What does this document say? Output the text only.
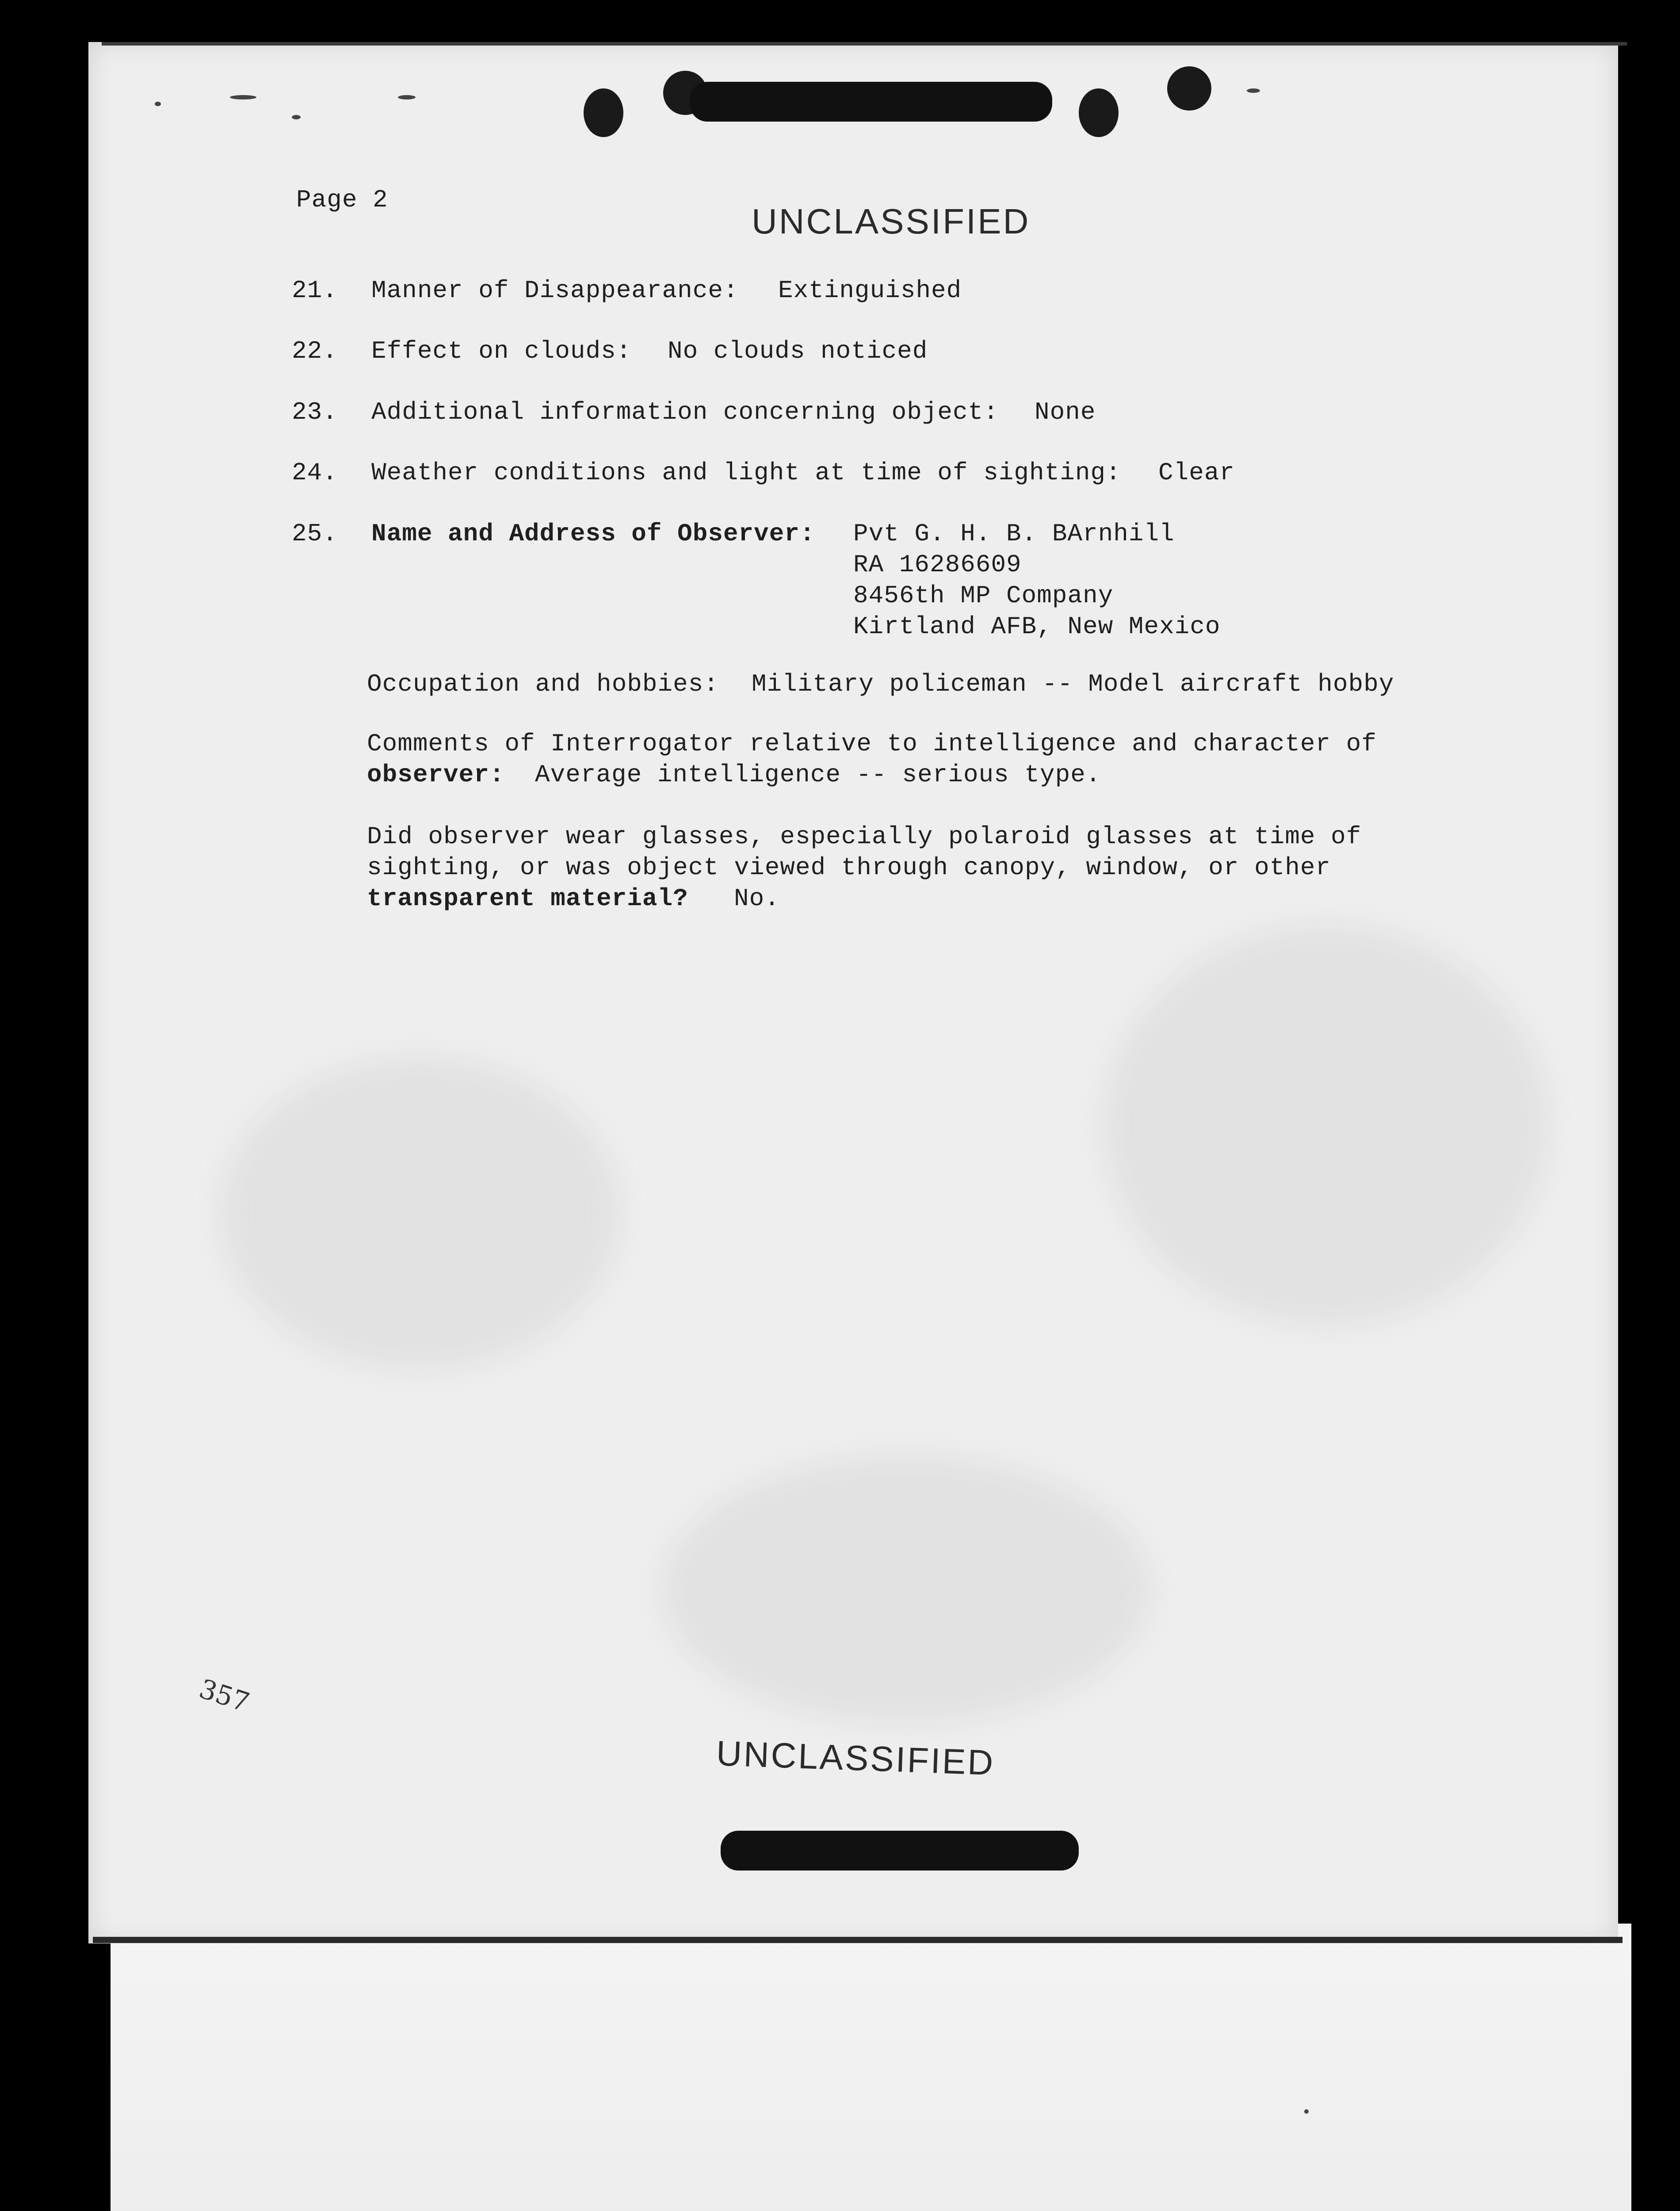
Page 2
UNCLASSIFIED
21. Manner of Disappearance: Extinguished
22. Effect on clouds: No clouds noticed
23. Additional information concerning object: None
24. Weather conditions and light at time of sighting: Clear
25. Name and Address of Observer: Pvt G. H. B. BArnhill
RA 16286609
8456th MP Company
Kirtland AFB, New Mexico
Occupation and hobbies: Military policeman -- Model aircraft hobby
Comments of Interrogator relative to intelligence and character of
observer: Average intelligence -- serious type.
Did observer wear glasses, especially polaroid glasses at time of
sighting, or was object viewed through canopy, window, or other
transparent material? No.
357
UNCLASSIFIED
